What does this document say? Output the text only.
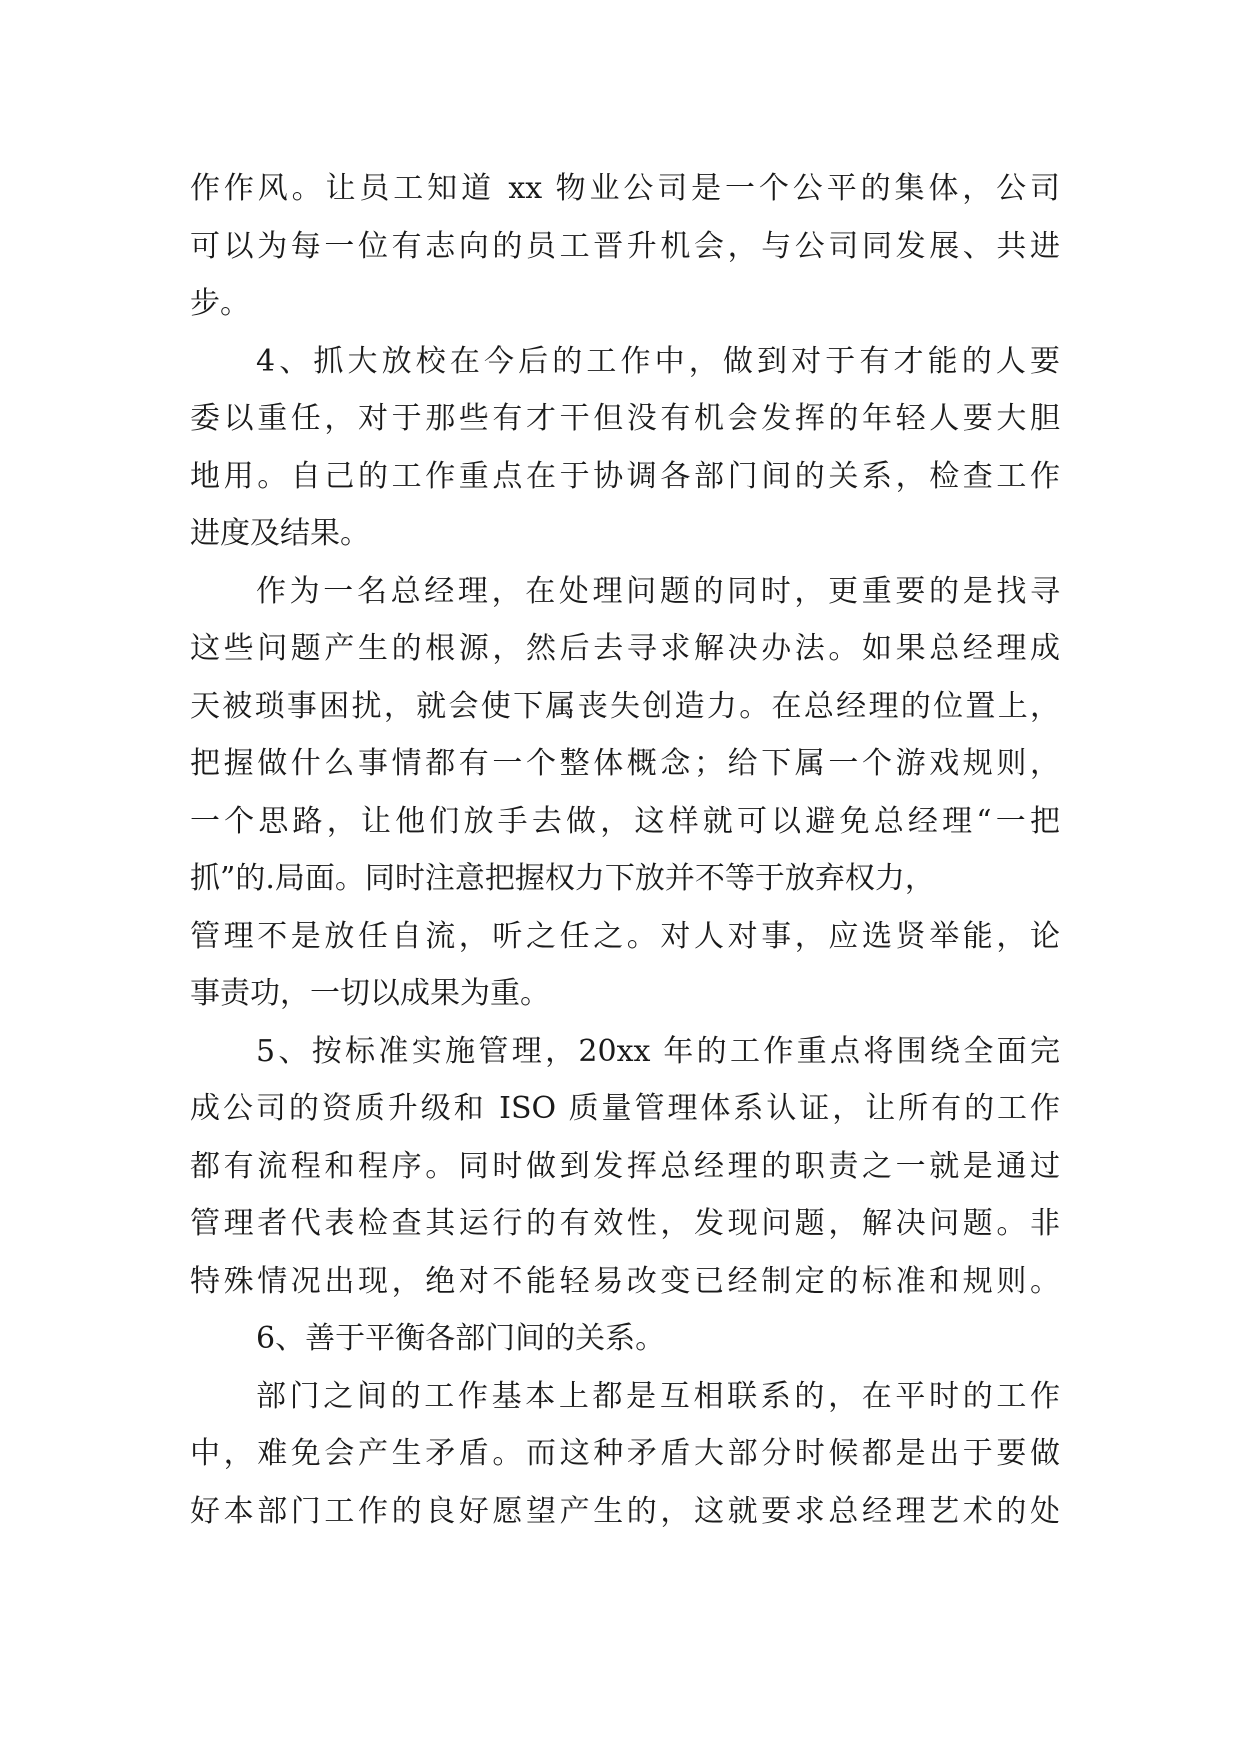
作作风。让员工知道 xx 物业公司是一个公平的集体，公司
可以为每一位有志向的员工晋升机会，与公司同发展、共进
步。
4、抓大放校在今后的工作中，做到对于有才能的人要
委以重任，对于那些有才干但没有机会发挥的年轻人要大胆
地用。自己的工作重点在于协调各部门间的关系，检查工作
进度及结果。
作为一名总经理，在处理问题的同时，更重要的是找寻
这些问题产生的根源，然后去寻求解决办法。如果总经理成
天被琐事困扰，就会使下属丧失创造力。在总经理的位置上，
把握做什么事情都有一个整体概念；给下属一个游戏规则，
一个思路，让他们放手去做，这样就可以避免总经理“一把
抓”的.局面。同时注意把握权力下放并不等于放弃权力，
管理不是放任自流，听之任之。对人对事，应选贤举能，论
事责功，一切以成果为重。
5、按标准实施管理，20xx 年的工作重点将围绕全面完
成公司的资质升级和 ISO 质量管理体系认证，让所有的工作
都有流程和程序。同时做到发挥总经理的职责之一就是通过
管理者代表检查其运行的有效性，发现问题，解决问题。非
特殊情况出现，绝对不能轻易改变已经制定的标准和规则。
6、善于平衡各部门间的关系。
部门之间的工作基本上都是互相联系的，在平时的工作
中，难免会产生矛盾。而这种矛盾大部分时候都是出于要做
好本部门工作的良好愿望产生的，这就要求总经理艺术的处
